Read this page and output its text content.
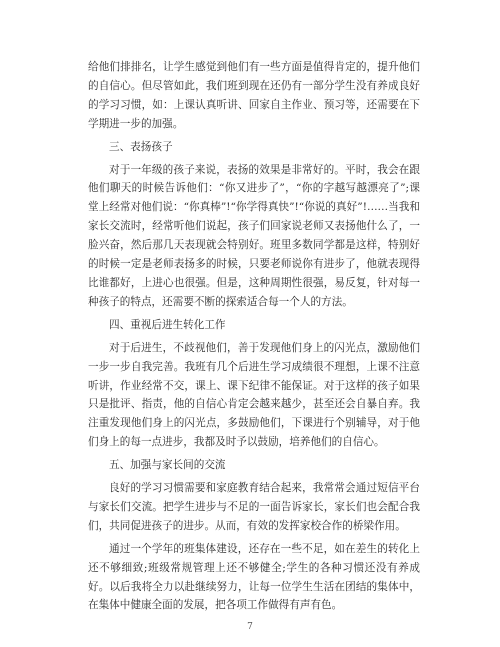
给他们排排名，让学生感觉到他们有一些方面是值得肯定的，提升他们的自信心。但尽管如此，我们班到现在还仍有一部分学生没有养成良好的学习习惯，如：上课认真听讲、回家自主作业、预习等，还需要在下学期进一步的加强。

三、表扬孩子

对于一年级的孩子来说，表扬的效果是非常好的。平时，我会在跟他们聊天的时候告诉他们：“你又进步了”，“你的字越写越漂亮了”;课堂上经常对他们说：“你真棒”!“你学得真快”!“你说的真好”!……当我和家长交流时，经常听他们说起，孩子们回家说老师又表扬他什么了，一脸兴奋，然后那几天表现就会特别好。班里多数同学都是这样，特别好的时候一定是老师表扬多的时候，只要老师说你有进步了，他就表现得比谁都好，上进心也很强。但是，这种周期性很强，易反复，针对每一种孩子的特点，还需要不断的探索适合每一个人的方法。

四、重视后进生转化工作

对于后进生，不歧视他们，善于发现他们身上的闪光点，激励他们一步一步自我完善。我班有几个后进生学习成绩很不理想，上课不注意听讲，作业经常不交，课上、课下纪律不能保证。对于这样的孩子如果只是批评、指责，他的自信心肯定会越来越少，甚至还会自暴自弃。我注重发现他们身上的闪光点，多鼓励他们，下课进行个别辅导，对于他们身上的每一点进步，我都及时予以鼓励，培养他们的自信心。

五、加强与家长间的交流

良好的学习习惯需要和家庭教育结合起来，我常常会通过短信平台与家长们交流。把学生进步与不足的一面告诉家长，家长们也会配合我们，共同促进孩子的进步。从而，有效的发挥家校合作的桥梁作用。

通过一个学年的班集体建设，还存在一些不足，如在差生的转化上还不够细致;班级常规管理上还不够健全;学生的各种习惯还没有养成好。以后我将全力以赴继续努力，让每一位学生生活在团结的集体中，在集体中健康全面的发展，把各项工作做得有声有色。

7
